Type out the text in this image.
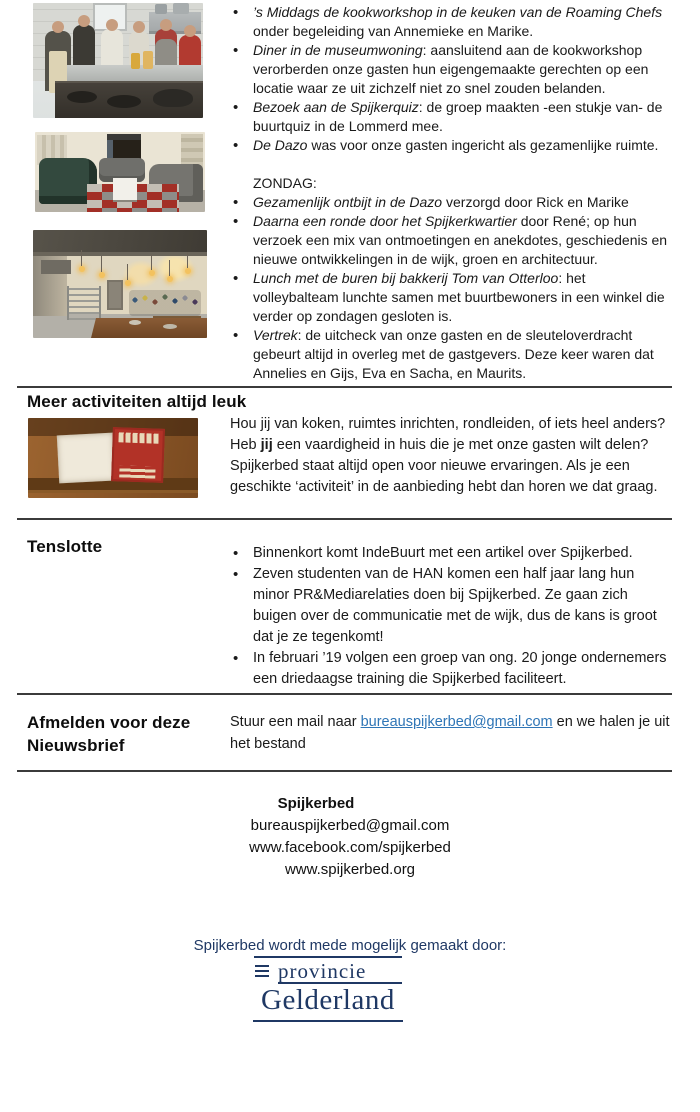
• ’s Middags de kookworkshop in de keuken van de Roaming Chefs onder begeleiding van Annemieke en Marike.
• Diner in de museumwoning: aansluitend aan de kookworkshop verorberden onze gasten hun eigengemaakte gerechten op een locatie waar ze uit zichzelf niet zo snel zouden belanden.
• Bezoek aan de Spijkerquiz: de groep maakten -een stukje van- de buurtquiz in de Lommerd mee.
• De Dazo was voor onze gasten ingericht als gezamenlijke ruimte.
ZONDAG:
• Gezamenlijk ontbijt in de Dazo verzorgd door Rick en Marike
• Daarna een ronde door het Spijkerkwartier door René; op hun verzoek een mix van ontmoetingen en anekdotes, geschiedenis en nieuwe ontwikkelingen in de wijk, groen en architectuur.
• Lunch met de buren bij bakkerij Tom van Otterloo: het volleybalteam lunchte samen met buurtbewoners in een winkel die verder op zondagen gesloten is.
• Vertrek: de uitcheck van onze gasten en de sleuteloverdracht gebeurt altijd in overleg met de gastgevers. Deze keer waren dat Annelies en Gijs, Eva en Sacha, en Maurits.
Meer activiteiten altijd leuk

Hou jij van koken, ruimtes inrichten, rondleiden, of iets heel anders? Heb jij een vaardigheid in huis die je met onze gasten wilt delen? Spijkerbed staat altijd open voor nieuwe ervaringen. Als je een geschikte ‘activiteit’ in de aanbieding hebt dan horen we dat graag.

Tenslotte	• Binnenkort komt IndeBuurt met een artikel over Spijkerbed.
• Zeven studenten van de HAN komen een half jaar lang hun minor PR&Mediarelaties doen bij Spijkerbed. Ze gaan zich buigen over de communicatie met de wijk, dus de kans is groot dat je ze tegenkomt!
• In februari ’19 volgen een groep van ong. 20 jonge ondernemers een driedaagse training die Spijkerbed faciliteert.
Afmelden voor deze Nieuwsbrief

Stuur een mail naar bureauspijkerbed@gmail.com en we halen je uit het bestand

Spijkerbed
bureauspijkerbed@gmail.com
www.facebook.com/spijkerbed
www.spijkerbed.org
Spijkerbed wordt mede mogelijk gemaakt door:
provincie
Gelderland
